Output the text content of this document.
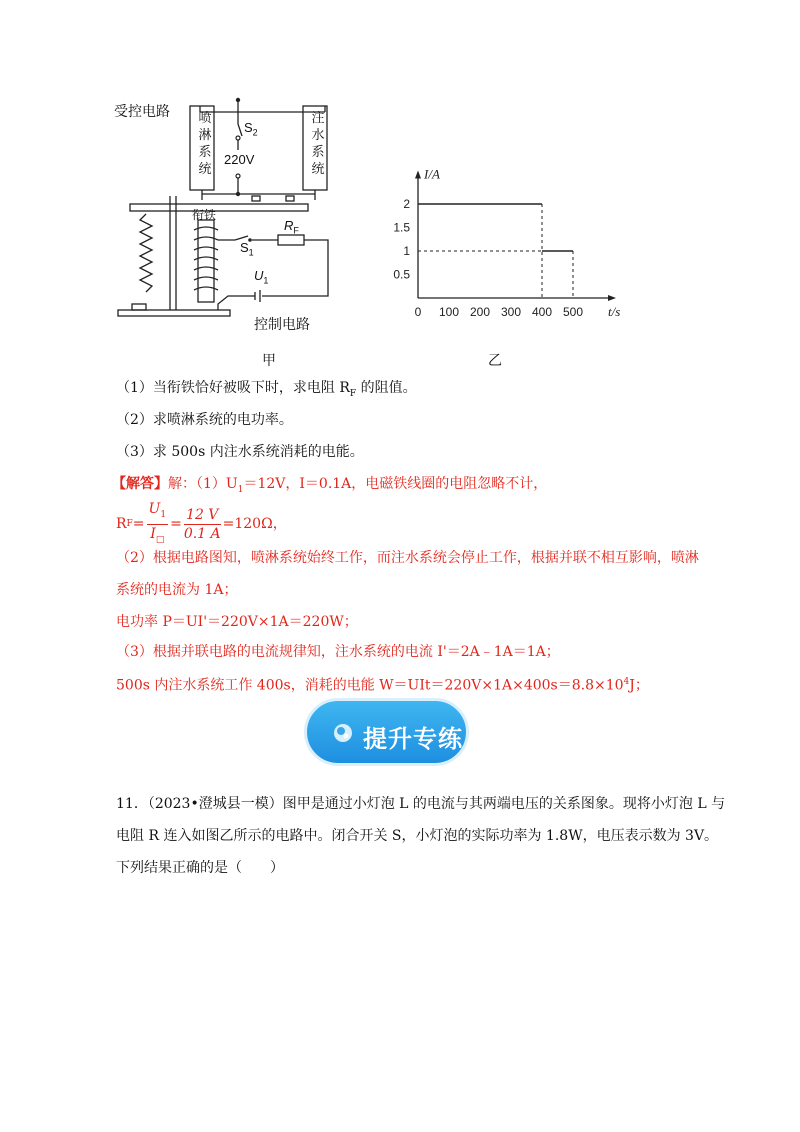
受控电路 喷
淋
系
统
注
水
系
统
$S_2$
220V
衔铁
$R_F$
$S_1$
$U_1$
控制电路
甲
0 100 200 300 400 500
0.5
1
1.5
2
I/A
t/s
乙
（1）当衔铁恰好被吸下时，求电阻 $R_F$ 的阻值。
（2）求喷淋系统的电功率。
（3）求 500s 内注水系统消耗的电能。
【解答】解：$(1)U_1=12V$，I＝0.1A，电磁铁线圈的电阻忽略不计，
R $F = \frac{U_1}{I_□} = \frac{12 V}{0.1 A} =120\Omega$，
（2）根据电路图知，喷淋系统始终工作，而注水系统会停止工作，根据并联不相互影响，喷淋
系统的电流为 1A；
电功率 P＝UI'＝220V×1A＝220W；
（3）根据并联电路的电流规律知，注水系统的电流 I'＝2A﹣1A＝1A；
500s 内注水系统工作 400s，消耗的电能 $W=UIt=220V\times 1A\times 400s=8.8\times 10^4J$；
提升专练
11．（2023•澄城县一模）图甲是通过小灯泡 L 的电流与其两端电压的关系图象。现将小灯泡 L 与
电阻 R 连入如图乙所示的电路中。闭合开关 S，小灯泡的实际功率为 1.8W，电压表示数为 3V。
下列结果正确的是（　　）
